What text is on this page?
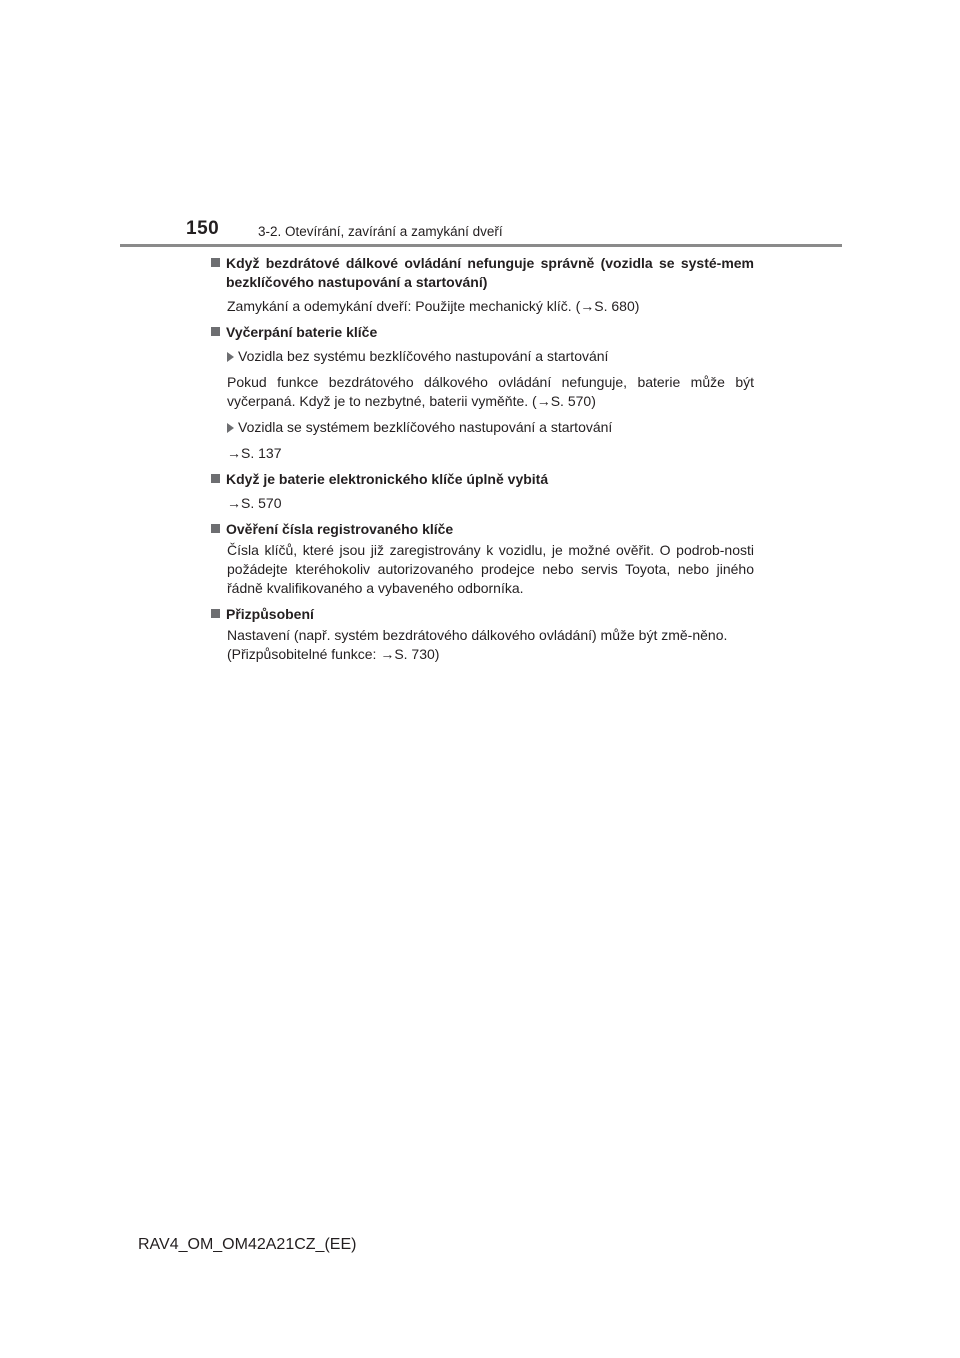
150	3-2. Otevírání, zavírání a zamykání dveří
Když bezdrátové dálkové ovládání nefunguje správně (vozidla se systé-mem bezklíčového nastupování a startování)
Zamykání a odemykání dveří: Použijte mechanický klíč. (→S. 680)
Vyčerpání baterie klíče
Vozidla bez systému bezklíčového nastupování a startování
Pokud funkce bezdrátového dálkového ovládání nefunguje, baterie může být vyčerpaná. Když je to nezbytné, baterii vyměňte. (→S. 570)
Vozidla se systémem bezklíčového nastupování a startování
→S. 137
Když je baterie elektronického klíče úplně vybitá
→S. 570
Ověření čísla registrovaného klíče
Čísla klíčů, které jsou již zaregistrovány k vozidlu, je možné ověřit. O podrob-nosti požádejte kteréhokoliv autorizovaného prodejce nebo servis Toyota, nebo jiného řádně kvalifikovaného a vybaveného odborníka.
Přizpůsobení
Nastavení (např. systém bezdrátového dálkového ovládání) může být změ-něno.
(Přizpůsobitelné funkce: →S. 730)
RAV4_OM_OM42A21CZ_(EE)
